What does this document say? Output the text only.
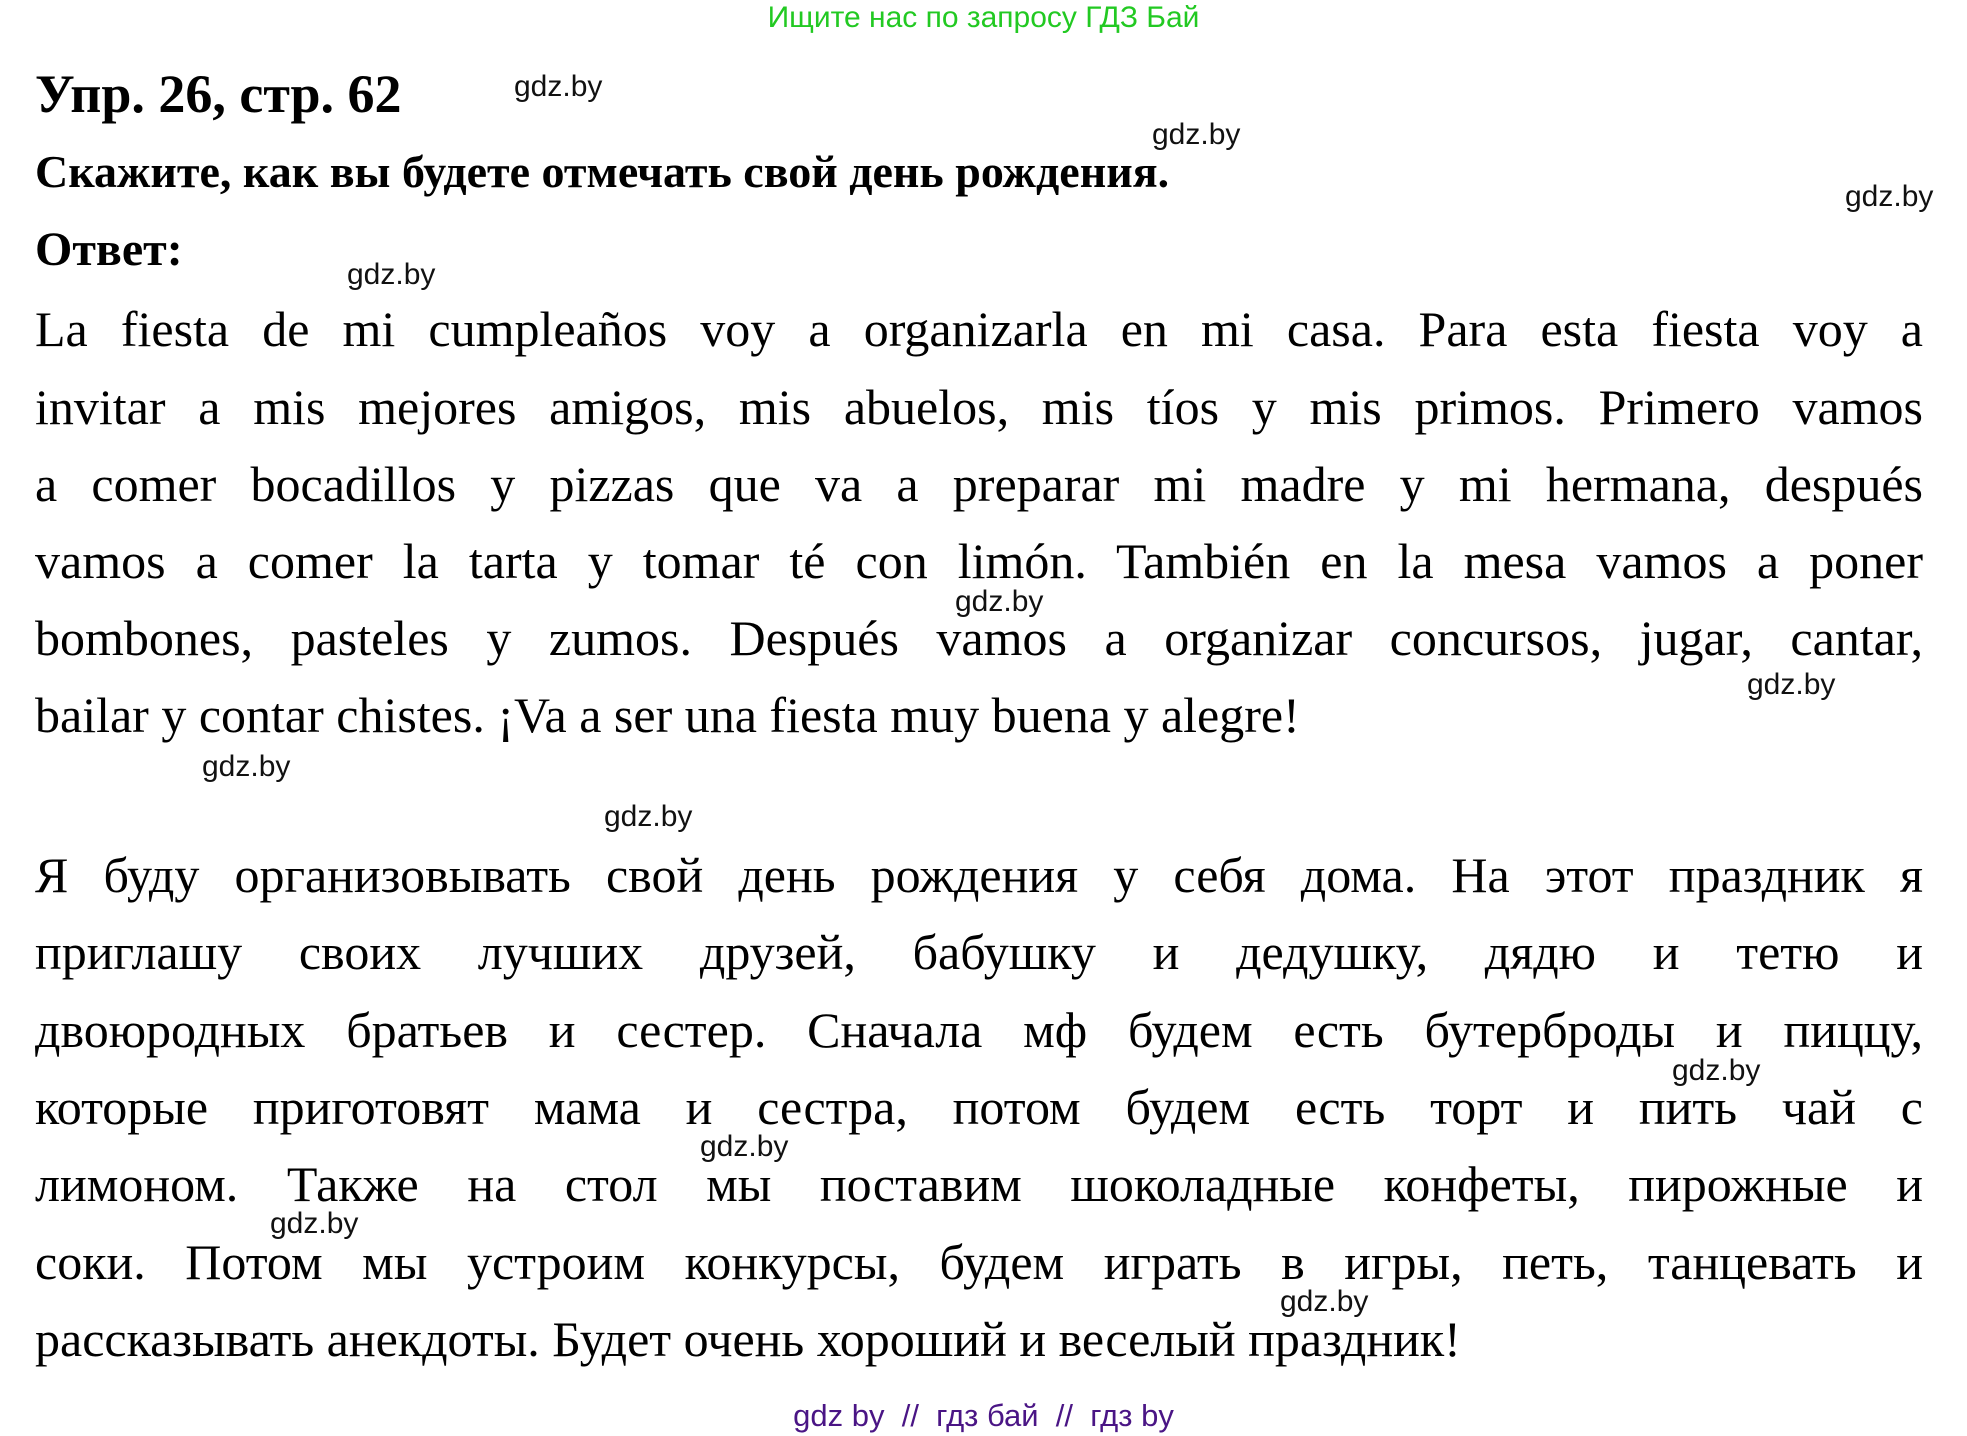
Ищите нас по запросу ГДЗ Бай
Упр. 26, стр. 62
Скажите, как вы будете отмечать свой день рождения.
Ответ:
La fiesta de mi cumpleaños voy a organizarla en mi casa. Para esta fiesta voy a
invitar a mis mejores amigos, mis abuelos, mis tíos y mis primos. Primero vamos
a comer bocadillos y pizzas que va a preparar mi madre y mi hermana, después
vamos a comer la tarta y tomar té con limón. También en la mesa vamos a poner
bombones, pasteles y zumos. Después vamos a organizar concursos, jugar, cantar,
bailar y contar chistes. ¡Va a ser una fiesta muy buena y alegre!
Я буду организовывать свой день рождения у себя дома. На этот праздник я
приглашу своих лучших друзей, бабушку и дедушку, дядю и тетю и
двоюродных братьев и сестер. Сначала мф будем есть бутерброды и пиццу,
которые приготовят мама и сестра, потом будем есть торт и пить чай с
лимоном. Также на стол мы поставим шоколадные конфеты, пирожные и
соки. Потом мы устроим конкурсы, будем играть в игры, петь, танцевать и
рассказывать анекдоты. Будет очень хороший и веселый праздник!
gdz.by
gdz.by
gdz.by
gdz.by
gdz.by
gdz.by
gdz.by
gdz.by
gdz.by
gdz.by
gdz.by
gdz.by
gdz by  //  гдз бай  //  гдз by
